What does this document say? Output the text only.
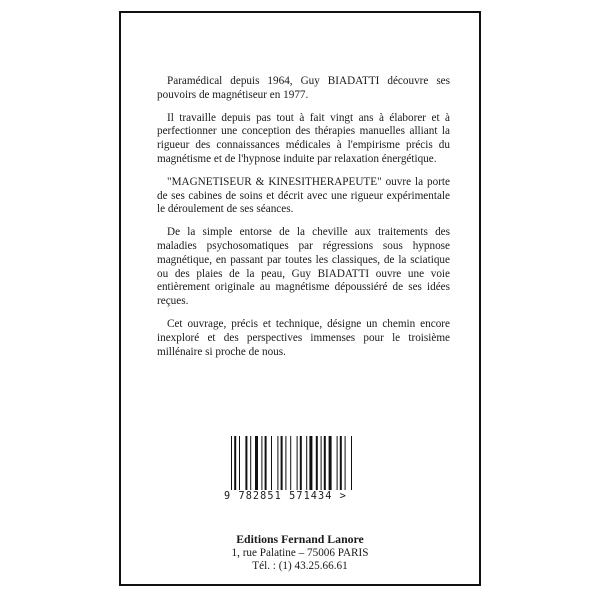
Paramédical depuis 1964, Guy BIADATTI découvre ses pouvoirs de magnétiseur en 1977.

Il travaille depuis pas tout à fait vingt ans à élaborer et à perfectionner une conception des thérapies manuelles alliant la rigueur des connaissances médicales à l'empirisme précis du magnétisme et de l'hypnose induite par relaxation énergétique.

"MAGNETISEUR & KINESITHERAPEUTE" ouvre la porte de ses cabines de soins et décrit avec une rigueur expérimentale le déroulement de ses séances.

De la simple entorse de la cheville aux traitements des maladies psychosomatiques par régressions sous hypnose magnétique, en passant par toutes les classiques, de la sciatique ou des plaies de la peau, Guy BIADATTI ouvre une voie entièrement originale au magnétisme dépoussiéré de ses idées reçues.

Cet ouvrage, précis et technique, désigne un chemin encore inexploré et des perspectives immenses pour le troisième millénaire si proche de nous.

9 782851 571434 >
Editions Fernand Lanore
1, rue Palatine – 75006 PARIS
Tél. : (1) 43.25.66.61
